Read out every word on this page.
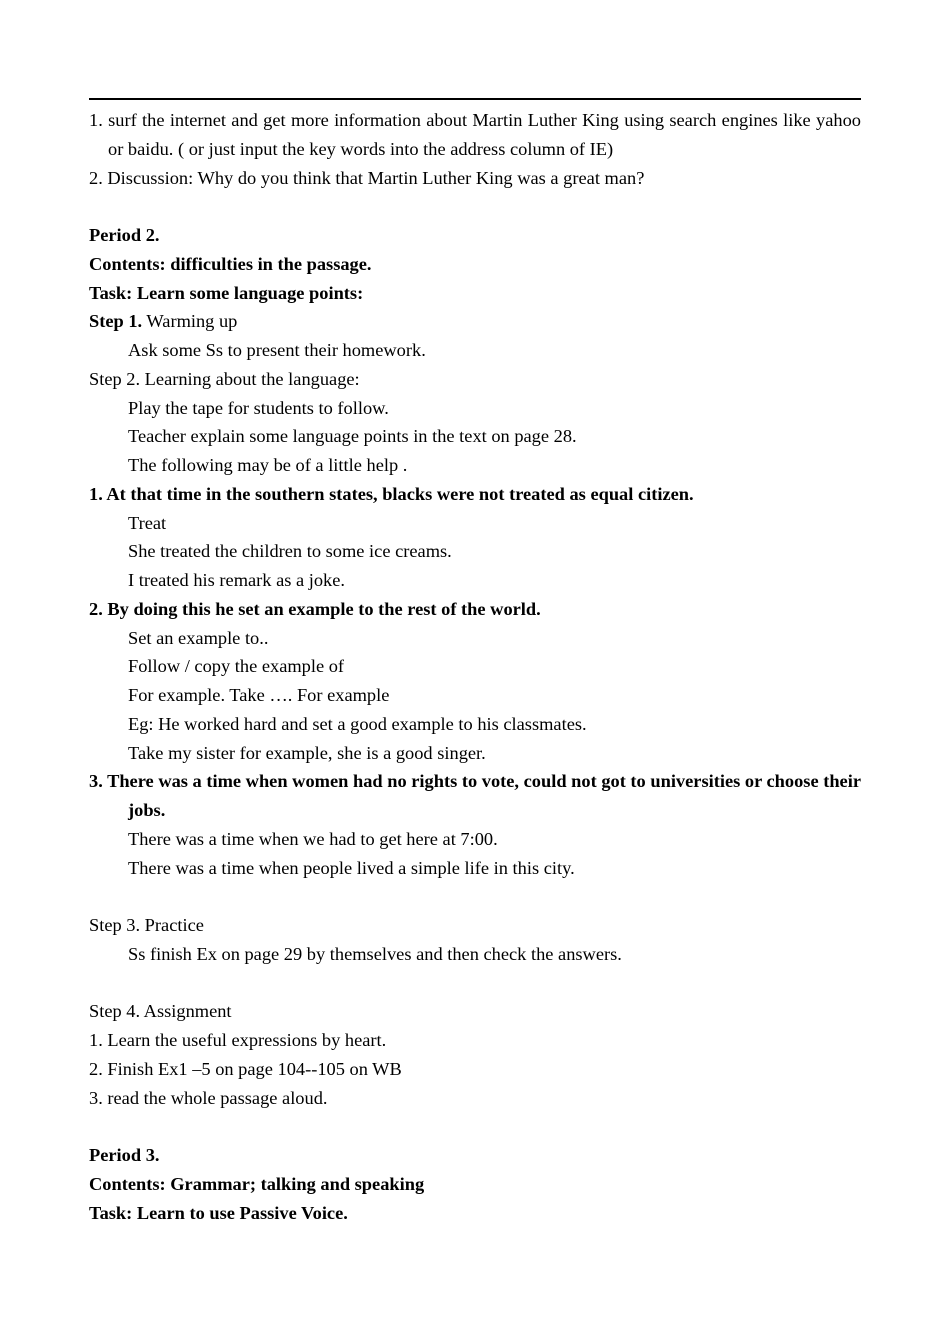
1. surf the internet and get more information about Martin Luther King using search engines like yahoo or baidu. ( or just input the key words into the address column of IE)
2. Discussion: Why do you think that Martin Luther King was a great man?
Period 2.
Contents: difficulties in the passage.
Task: Learn some language points:
Step 1. Warming up
Ask some Ss to present their homework.
Step 2. Learning about the language:
Play the tape for students to follow.
Teacher explain some language points in the text on page 28.
The following may be of a little help .
1. At that time in the southern states, blacks were not treated as equal citizen.
Treat
She treated the children to some ice creams.
I treated his remark as a joke.
2. By doing this he set an example to the rest of the world.
Set an example to..
Follow / copy the example of
For example. Take …. For example
Eg: He worked hard and set a good example to his classmates.
Take my sister for example, she is a good singer.
3. There was a time when women had no rights to vote, could not got to universities or choose their jobs.
There was a time when we had to get here at 7:00.
There was a time when people lived a simple life in this city.
Step 3. Practice
Ss finish Ex on page 29 by themselves and then check the answers.
Step 4. Assignment
1. Learn the useful expressions by heart.
2. Finish Ex1 –5 on page 104--105 on WB
3. read the whole passage aloud.
Period 3.
Contents: Grammar; talking and speaking
Task: Learn to use Passive Voice.
